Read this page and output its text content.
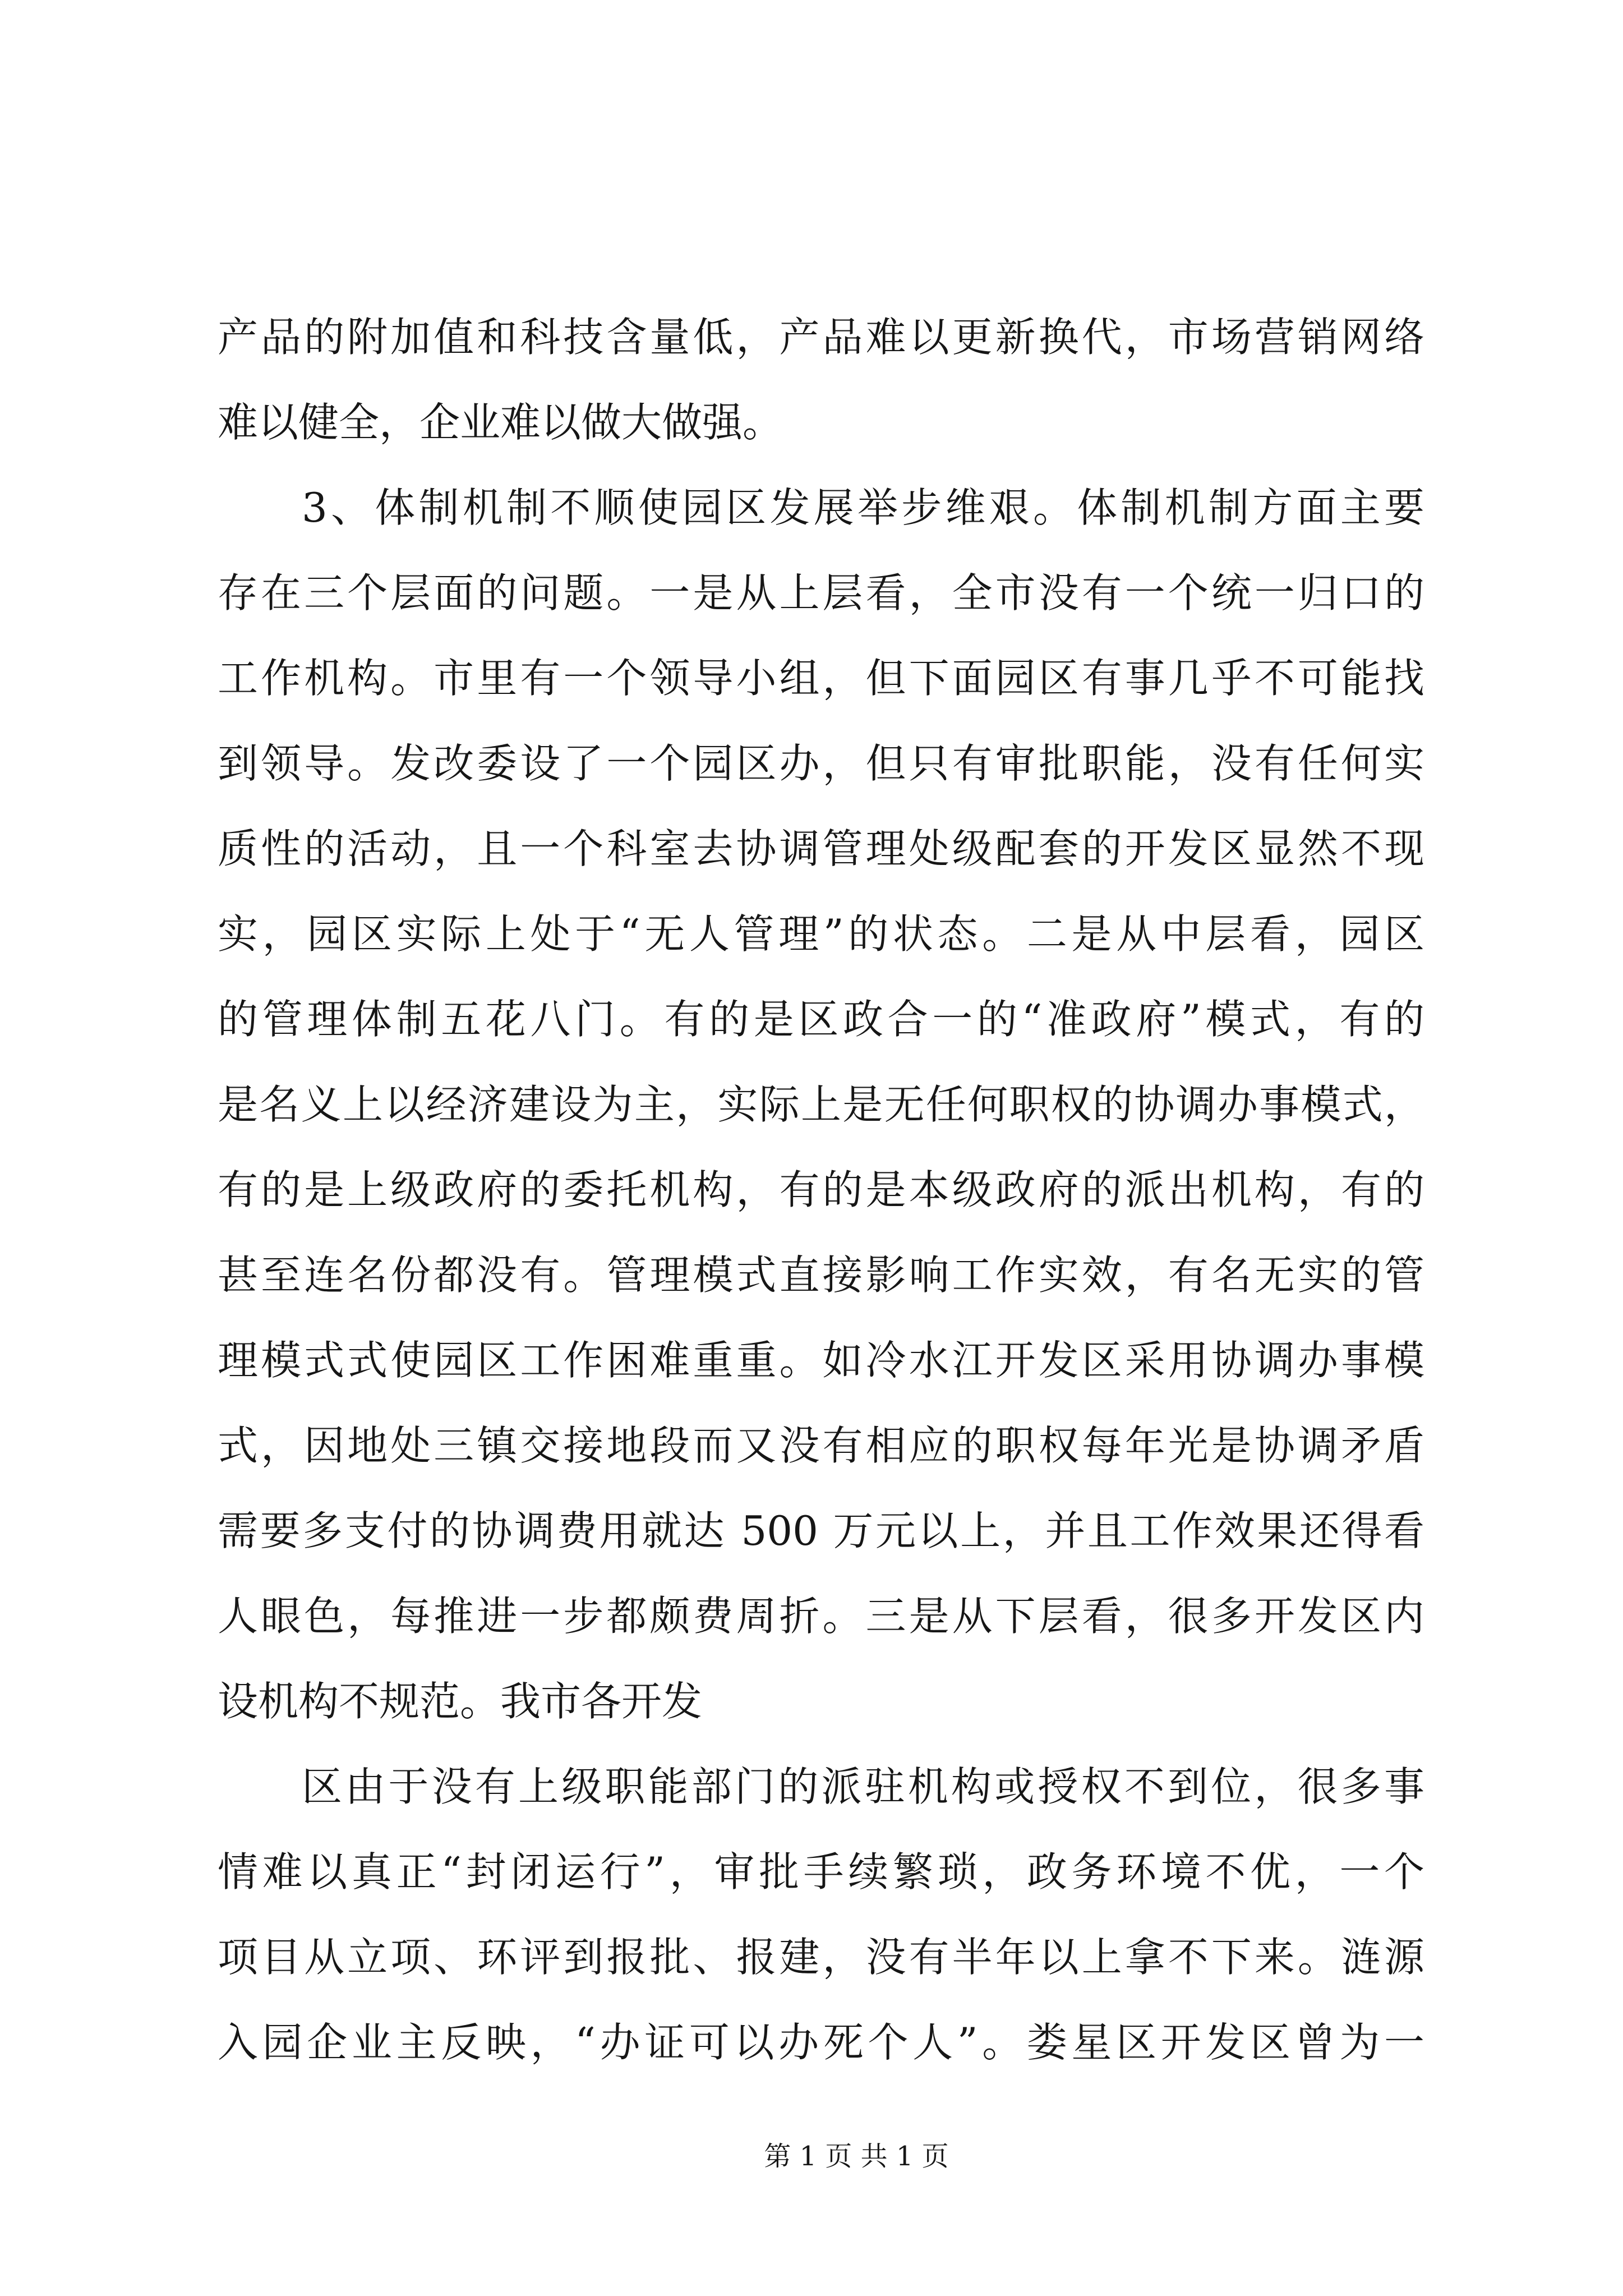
产品的附加值和科技含量低，产品难以更新换代，市场营销网络
难以健全，企业难以做大做强。
3、体制机制不顺使园区发展举步维艰。体制机制方面主要
存在三个层面的问题。一是从上层看，全市没有一个统一归口的
工作机构。市里有一个领导小组，但下面园区有事几乎不可能找
到领导。发改委设了一个园区办，但只有审批职能，没有任何实
质性的活动，且一个科室去协调管理处级配套的开发区显然不现
实，园区实际上处于“无人管理”的状态。二是从中层看，园区
的管理体制五花八门。有的是区政合一的“准政府”模式，有的
是名义上以经济建设为主，实际上是无任何职权的协调办事模式，
有的是上级政府的委托机构，有的是本级政府的派出机构，有的
甚至连名份都没有。管理模式直接影响工作实效，有名无实的管
理模式式使园区工作困难重重。如冷水江开发区采用协调办事模
式，因地处三镇交接地段而又没有相应的职权每年光是协调矛盾
需要多支付的协调费用就达 500 万元以上，并且工作效果还得看
人眼色，每推进一步都颇费周折。三是从下层看，很多开发区内
设机构不规范。我市各开发
区由于没有上级职能部门的派驻机构或授权不到位，很多事
情难以真正“封闭运行”，审批手续繁琐，政务环境不优，一个
项目从立项、环评到报批、报建，没有半年以上拿不下来。涟源
入园企业主反映，“办证可以办死个人”。娄星区开发区曾为一
第 1 页 共 1 页
